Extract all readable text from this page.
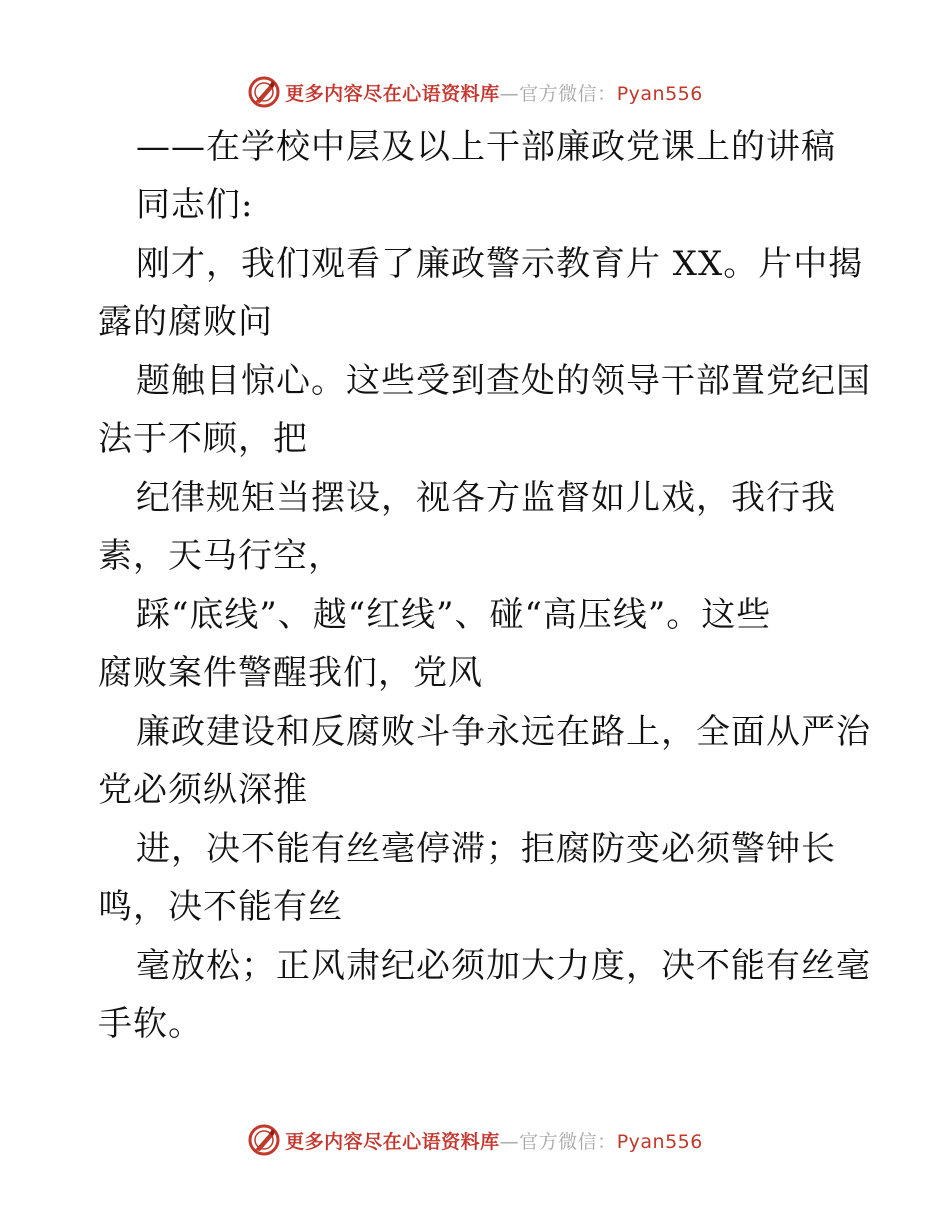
更多内容尽在心语资料库—官方微信：Pyan556
——在学校中层及以上干部廉政党课上的讲稿
同志们:
刚才，我们观看了廉政警示教育片 XX。片中揭
露的腐败问
题触目惊心。这些受到查处的领导干部置党纪国
法于不顾，把
纪律规矩当摆设，视各方监督如儿戏，我行我
素，天马行空，
踩“底线”、越“红线”、碰“高压线”。这些
腐败案件警醒我们，党风
廉政建设和反腐败斗争永远在路上，全面从严治
党必须纵深推
进，决不能有丝毫停滞；拒腐防变必须警钟长
鸣，决不能有丝
毫放松；正风肃纪必须加大力度，决不能有丝毫
手软。
更多内容尽在心语资料库—官方微信：Pyan556
